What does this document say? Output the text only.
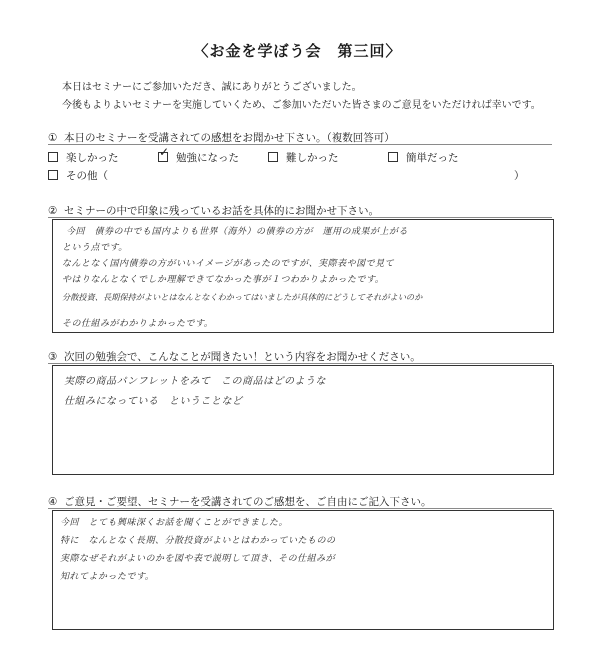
〈お金を学ぼう会　第三回〉
本日はセミナーにご参加いただき、誠にありがとうございました。
今後もよりよいセミナーを実施していくため、ご参加いただいた皆さまのご意見をいただければ幸いです。
① 本日のセミナーを受講されての感想をお聞かせ下さい。（複数回答可）
楽しかった	✓ 勉強になった	難しかった	簡単だった
その他（	）
② セミナーの中で印象に残っているお話を具体的にお聞かせ下さい。
今回　債券の中でも国内よりも世界（海外）の債券の方が　運用の成果が上がる
という点です。
なんとなく国内債券の方がいいイメージがあったのですが、実際表や図で見て
やはりなんとなくでしか理解できてなかった事が１つわかりよかったです。
分散投資、長期保持がよいとはなんとなくわかってはいましたが具体的にどうしてそれがよいのか
その仕組みがわかりよかったです。
③ 次回の勉強会で、こんなことが聞きたい！という内容をお聞かせください。
実際の商品パンフレットをみて　この商品はどのような
仕組みになっている　ということなど
④ ご意見・ご要望、セミナーを受講されてのご感想を、ご自由にご記入下さい。
今回　とても興味深くお話を聞くことができました。
特に　なんとなく長期、分散投資がよいとはわかっていたものの
実際なぜそれがよいのかを図や表で説明して頂き、その仕組みが
知れてよかったです。
